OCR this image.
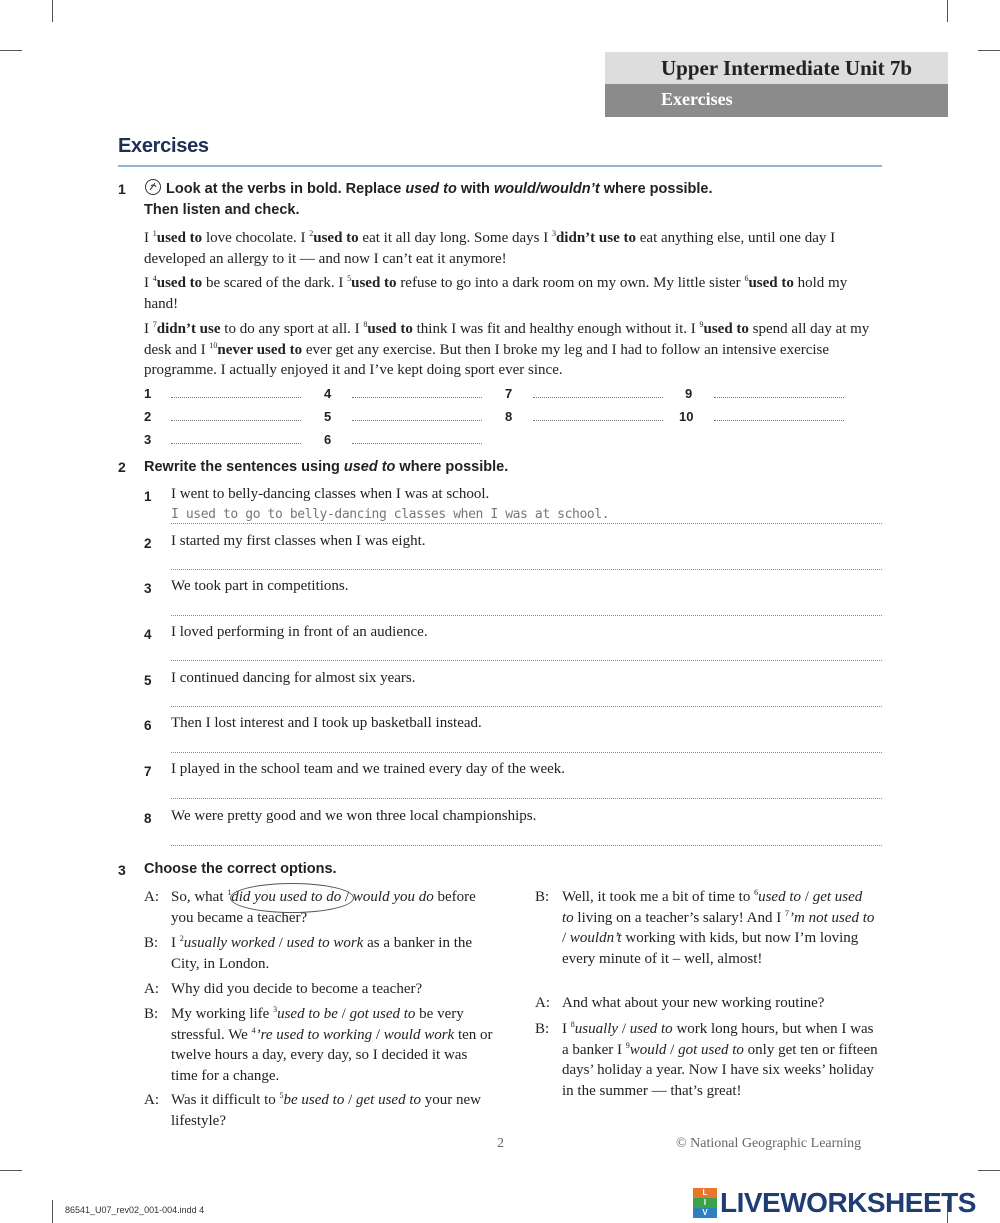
Upper Intermediate Unit 7b
Exercises
Exercises
1	Look at the verbs in bold. Replace used to with would/wouldn’t where possible.
Then listen and check.
I $^1$used to love chocolate. I $^2$used to eat it all day long. Some days I $^3$didn’t use to eat anything else, until one day I developed an allergy to it — and now I can’t eat it anymore!
I $^4$used to be scared of the dark. I $^5$used to refuse to go into a dark room on my own. My little sister $^6$used to hold my hand!
I $^7$didn’t use to do any sport at all. I $^8$used to think I was fit and healthy enough without it. I $^9$used to spend all day at my desk and I $^{10}$never used to ever get any exercise. But then I broke my leg and I had to follow an intensive exercise programme. I actually enjoyed it and I’ve kept doing sport ever since.
1
2
3
4
5
6
7
8
9
10
2 Rewrite the sentences using used to where possible.
1 I went to belly-dancing classes when I was at school.
I used to go to belly-dancing classes when I was at school.
2 I started my first classes when I was eight.
3 We took part in competitions.
4 I loved performing in front of an audience.
5 I continued dancing for almost six years.
6 Then I lost interest and I took up basketball instead.
7 I played in the school team and we trained every day of the week.
8 We were pretty good and we won three local championships.
3 Choose the correct options.
A: So, what $^1$did you used to do / would you do before you became a teacher?
B: I $^2$usually worked / used to work as a banker in the City, in London.
A: Why did you decide to become a teacher?
B: My working life $^3$used to be / got used to be very stressful. We $^4$’re used to working / would work ten or twelve hours a day, every day, so I decided it was time for a change.
A: Was it difficult to $^5$be used to / get used to your new lifestyle?
B: Well, it took me a bit of time to $^6$used to / get used to living on a teacher’s salary! And I $^7$’m not used to / wouldn’t working with kids, but now I’m loving every minute of it – well, almost!
A: And what about your new working routine?
B: I $^8$usually / used to work long hours, but when I was a banker I $^9$would / got used to only get ten or fifteen days’ holiday a year. Now I have six weeks’ holiday in the summer — that’s great!
2	© National Geographic Learning
86541_U07_rev02_001-004.indd 4
L
I
V LIVEWORKSHEETS
